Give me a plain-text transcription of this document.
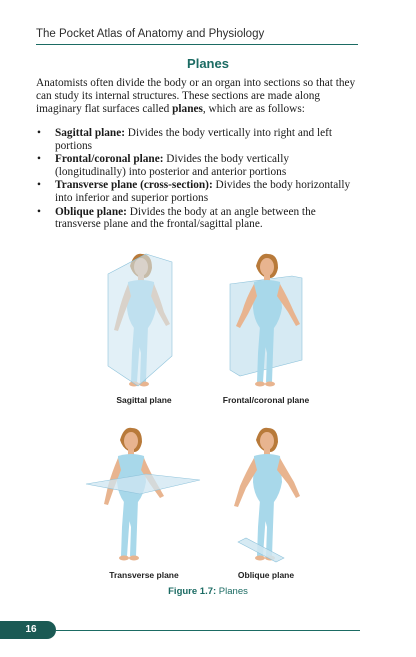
The Pocket Atlas of Anatomy and Physiology
Planes

Anatomists often divide the body or an organ into sections so that they can study its internal structures. These sections are made along imaginary flat surfaces called planes, which are as follows:

• Sagittal plane: Divides the body vertically into right and left portions
• Frontal/coronal plane: Divides the body vertically (longitudinally) into posterior and anterior portions
• Transverse plane (cross-section): Divides the body horizontally into inferior and superior portions
• Oblique plane: Divides the body at an angle between the transverse plane and the frontal/sagittal plane.
Sagittal plane	Frontal/coronal plane
Transverse plane	Oblique plane
Figure 1.7: Planes
16
